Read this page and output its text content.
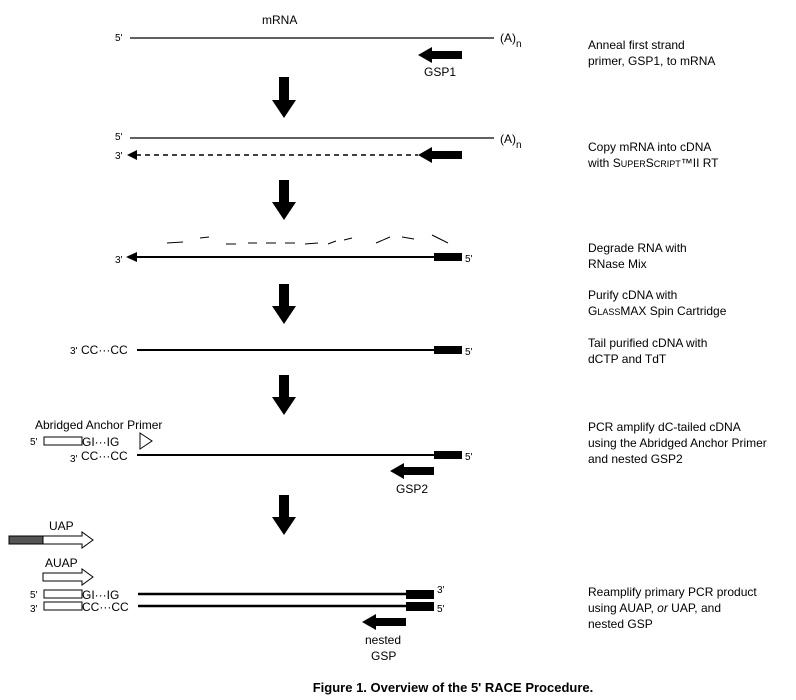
mRNA
5'	$(A)_n$
GSP1
Anneal first strand
primer, GSP1, to mRNA
5'	$(A)_n$
3'
Copy mRNA into cDNA
with SUPERSCRIPT™II RT
3'	5'
Degrade RNA with
RNase Mix
Purify cDNA with
GLASSMAX Spin Cartridge
3' CC···CC	5'
Tail purified cDNA with
dCTP and TdT
Abridged Anchor Primer
5'	GI···IG
3' CC···CC	5'
GSP2
PCR amplify dC-tailed cDNA
using the Abridged Anchor Primer
and nested GSP2
UAP
AUAP
5'	GI···IG	3'
3'	CC···CC	5'
nested
GSP
Reamplify primary PCR product
using AUAP, or UAP, and
nested GSP
Figure 1. Overview of the 5' RACE Procedure.
